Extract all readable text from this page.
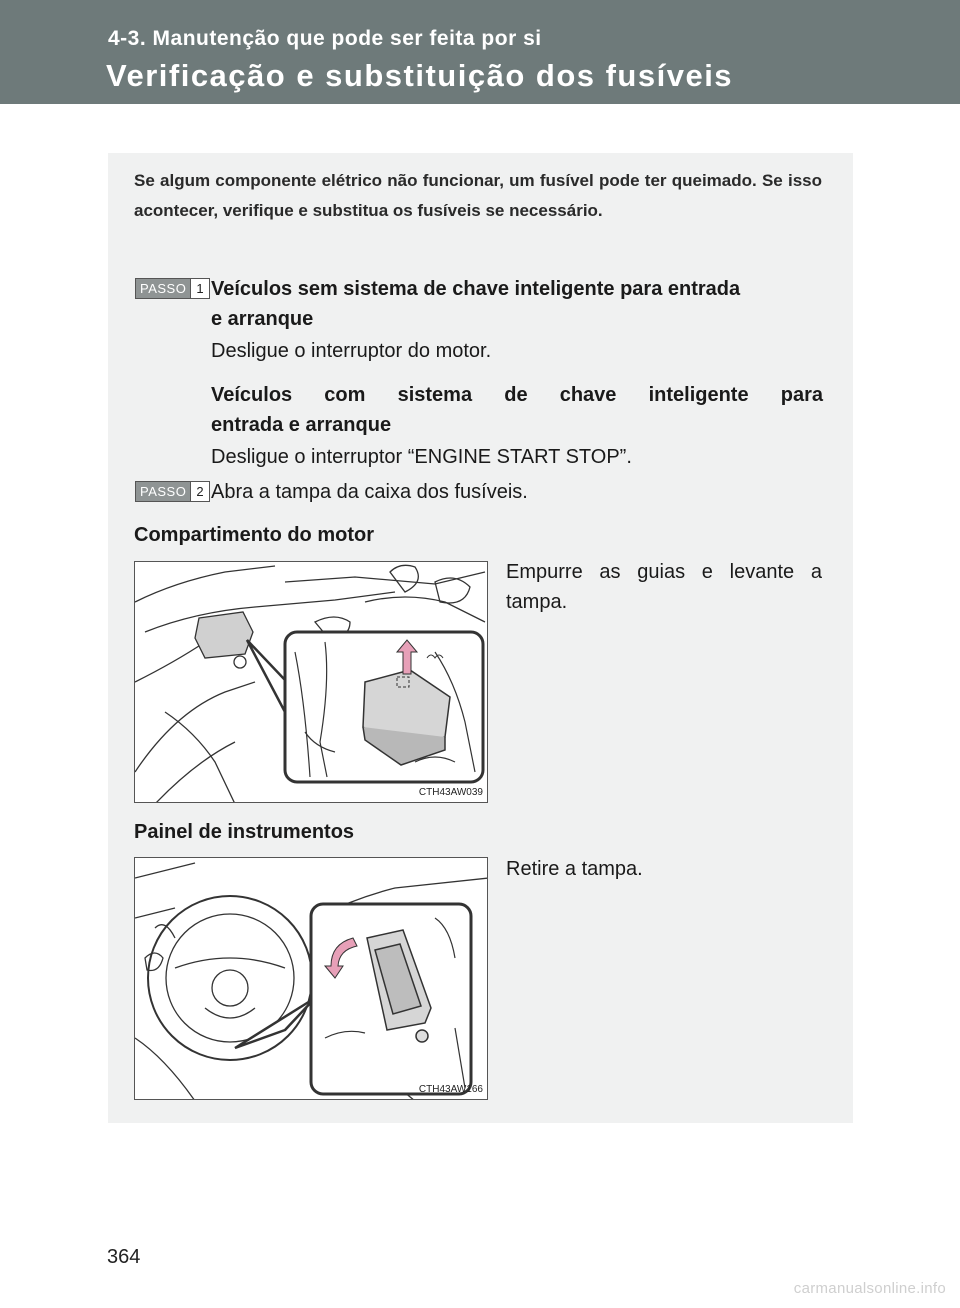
4-3. Manutenção que pode ser feita por si
Verificação e substituição dos fusíveis
Se algum componente elétrico não funcionar, um fusível pode ter queimado. Se isso acontecer, verifique e substitua os fusíveis se necessário.
PASSO 1 Veículos sem sistema de chave inteligente para entrada
e arranque
Desligue o interruptor do motor.
Veículos com sistema de chave inteligente para
entrada e arranque
Desligue o interruptor “ENGINE START STOP”.
PASSO 2 Abra a tampa da caixa dos fusíveis.
Compartimento do motor
Empurre as guias e levante a tampa.
CTH43AW039
Painel de instrumentos
Retire a tampa.
CTH43AW166
364
carmanualsonline.info
